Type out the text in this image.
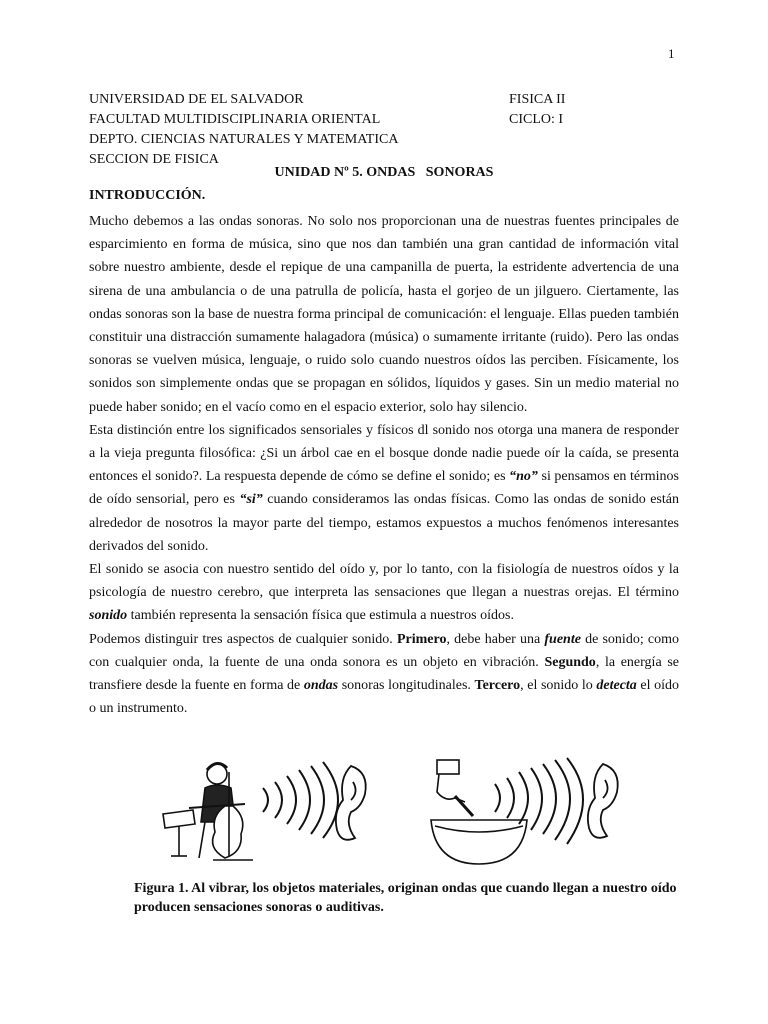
1
UNIVERSIDAD DE EL SALVADOR
FACULTAD MULTIDISCIPLINARIA ORIENTAL
DEPTO. CIENCIAS NATURALES Y MATEMATICA
SECCION DE FISICA
FISICA II
CICLO: I
UNIDAD Nº 5. ONDAS   SONORAS
INTRODUCCIÓN.

Mucho debemos a las ondas sonoras. No solo nos proporcionan una de nuestras fuentes principales de esparcimiento en forma de música, sino que nos dan también una gran cantidad de información vital sobre nuestro ambiente, desde el repique de una campanilla de puerta, la estridente advertencia de una sirena de una ambulancia o de una patrulla de policía, hasta el gorjeo de un jilguero. Ciertamente, las ondas sonoras son la base de nuestra forma principal de comunicación: el lenguaje. Ellas pueden también constituir una distracción sumamente halagadora (música) o sumamente irritante (ruido). Pero las ondas sonoras se vuelven música, lenguaje, o ruido solo cuando nuestros oídos las perciben. Físicamente, los sonidos son simplemente ondas que se propagan en sólidos, líquidos y gases. Sin un medio material no puede haber sonido; en el vacío como en el espacio exterior, solo hay silencio.

Esta distinción entre los significados sensoriales y físicos dl sonido nos otorga una manera de responder a la vieja pregunta filosófica: ¿Si un árbol cae en el bosque donde nadie puede oír la caída, se presenta entonces el sonido?. La respuesta depende de cómo se define el sonido; es “no” si pensamos en términos de oído sensorial, pero es “si” cuando consideramos las ondas físicas. Como las ondas de sonido están alrededor de nosotros la mayor parte del tiempo, estamos expuestos a muchos fenómenos interesantes derivados del sonido.

El sonido se asocia con nuestro sentido del oído y, por lo tanto, con la fisiología de nuestros oídos y la psicología de nuestro cerebro, que interpreta las sensaciones que llegan a nuestras orejas. El término sonido también representa la sensación física que estimula a nuestros oídos.

Podemos distinguir tres aspectos de cualquier sonido. Primero, debe haber una fuente de sonido; como con cualquier onda, la fuente de una onda sonora es un objeto en vibración. Segundo, la energía se transfiere desde la fuente en forma de ondas sonoras longitudinales. Tercero, el sonido lo detecta el oído o un instrumento.

Figura 1. Al vibrar, los objetos materiales, originan ondas que cuando llegan a nuestro oído
producen sensaciones sonoras o auditivas.
